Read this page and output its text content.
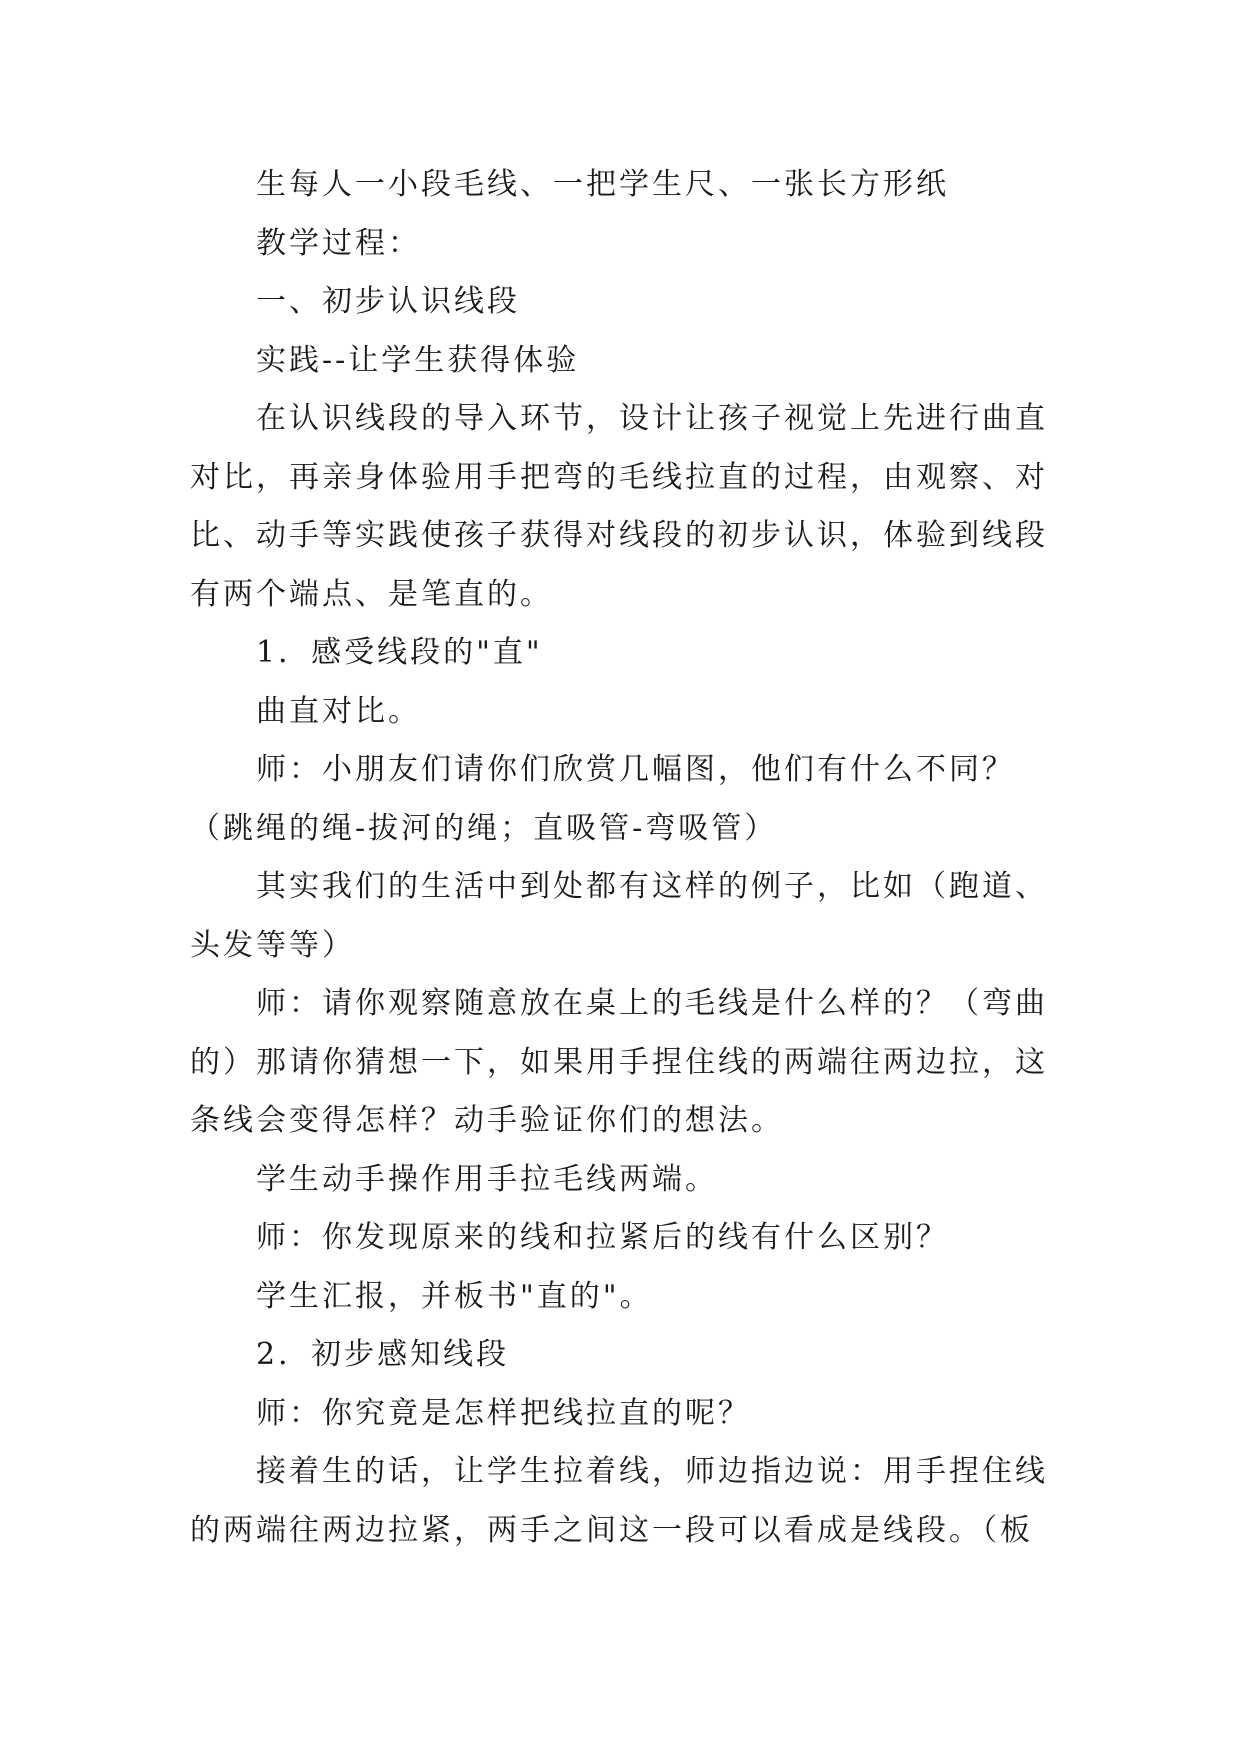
生每人一小段毛线、一把学生尺、一张长方形纸

教学过程：

一、初步认识线段

实践--让学生获得体验

在认识线段的导入环节，设计让孩子视觉上先进行曲直对比，再亲身体验用手把弯的毛线拉直的过程，由观察、对比、动手等实践使孩子获得对线段的初步认识，体验到线段有两个端点、是笔直的。

1．感受线段的"直"

曲直对比。

师：小朋友们请你们欣赏几幅图，他们有什么不同？（跳绳的绳-拔河的绳；直吸管-弯吸管）

其实我们的生活中到处都有这样的例子，比如（跑道、头发等等）

师：请你观察随意放在桌上的毛线是什么样的？（弯曲的）那请你猜想一下，如果用手捏住线的两端往两边拉，这条线会变得怎样？动手验证你们的想法。

学生动手操作用手拉毛线两端。

师：你发现原来的线和拉紧后的线有什么区别？

学生汇报，并板书"直的"。

2．初步感知线段

师：你究竟是怎样把线拉直的呢？

接着生的话，让学生拉着线，师边指边说：用手捏住线的两端往两边拉紧，两手之间这一段可以看成是线段。（板
